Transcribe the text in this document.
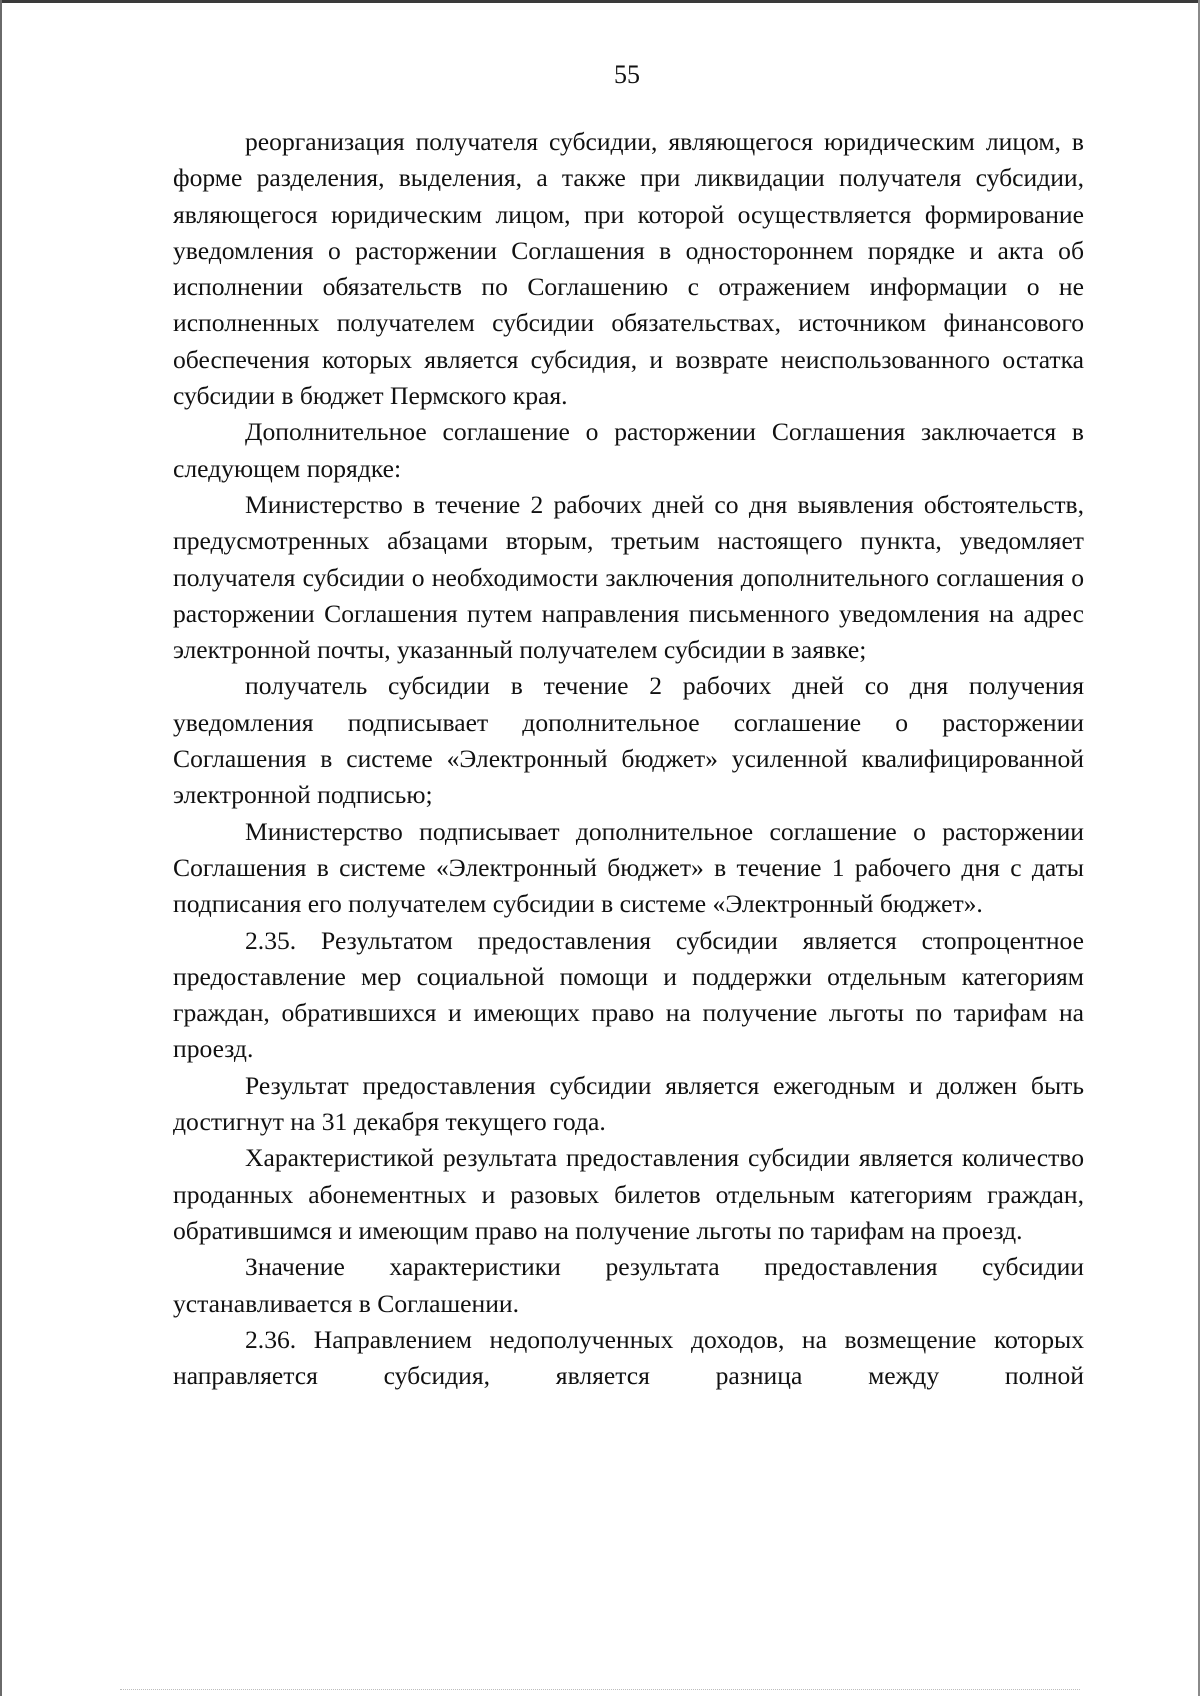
55

реорганизация получателя субсидии, являющегося юридическим лицом, в форме разделения, выделения, а также при ликвидации получателя субсидии, являющегося юридическим лицом, при которой осуществляется формирование уведомления о расторжении Соглашения в одностороннем порядке и акта об исполнении обязательств по Соглашению с отражением информации о не исполненных получателем субсидии обязательствах, источником финансового обеспечения которых является субсидия, и возврате неиспользованного остатка субсидии в бюджет Пермского края.

Дополнительное соглашение о расторжении Соглашения заключается в следующем порядке:

Министерство в течение 2 рабочих дней со дня выявления обстоятельств, предусмотренных абзацами вторым, третьим настоящего пункта, уведомляет получателя субсидии о необходимости заключения дополнительного соглашения о расторжении Соглашения путем направления письменного уведомления на адрес электронной почты, указанный получателем субсидии в заявке;

получатель субсидии в течение 2 рабочих дней со дня получения уведомления подписывает дополнительное соглашение о расторжении Соглашения в системе «Электронный бюджет» усиленной квалифицированной электронной подписью;

Министерство подписывает дополнительное соглашение о расторжении Соглашения в системе «Электронный бюджет» в течение 1 рабочего дня с даты подписания его получателем субсидии в системе «Электронный бюджет».

2.35. Результатом предоставления субсидии является стопроцентное предоставление мер социальной помощи и поддержки отдельным категориям граждан, обратившихся и имеющих право на получение льготы по тарифам на проезд.

Результат предоставления субсидии является ежегодным и должен быть достигнут на 31 декабря текущего года.

Характеристикой результата предоставления субсидии является количество проданных абонементных и разовых билетов отдельным категориям граждан, обратившимся и имеющим право на получение льготы по тарифам на проезд.

Значение характеристики результата предоставления субсидии устанавливается в Соглашении.

2.36. Направлением недополученных доходов, на возмещение которых направляется субсидия, является разница между полной
